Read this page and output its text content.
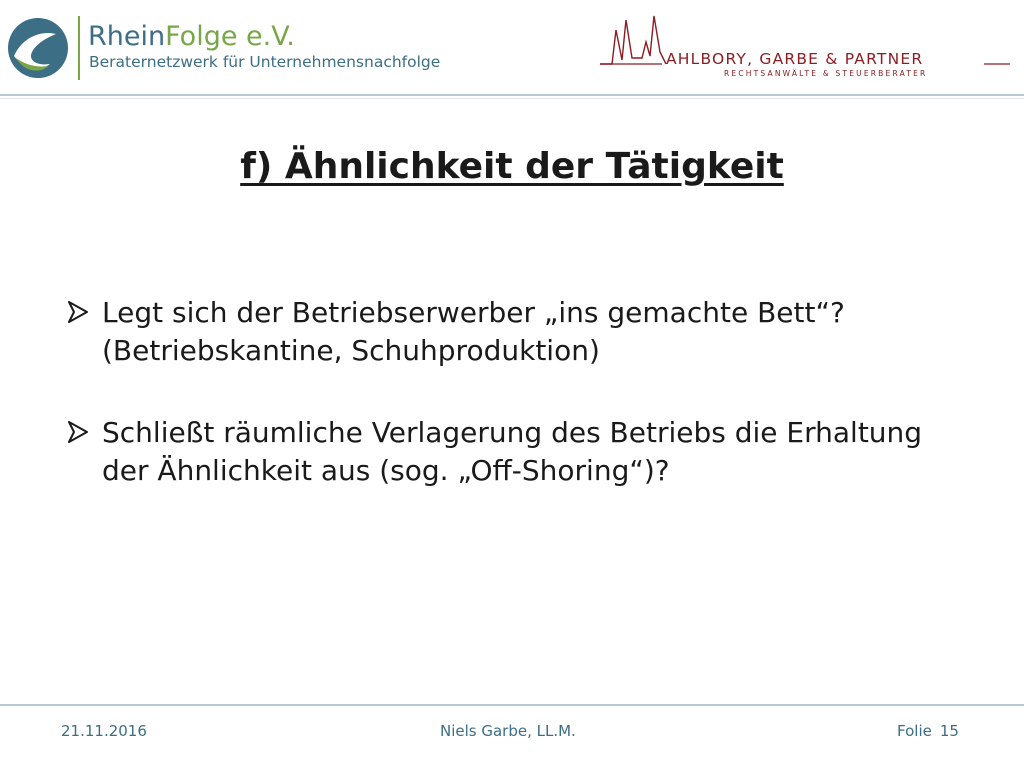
RheinFolge e.V.
Beraternetzwerk für Unternehmensnachfolge	AHLBORY, GARBE & PARTNER
RECHTSANWÄLTE & STEUERBERATER
f) Ähnlichkeit der Tätigkeit
Legt sich der Betriebserwerber „ins gemachte Bett“? (Betriebskantine, Schuhproduktion)
Schließt räumliche Verlagerung des Betriebs die Erhaltung der Ähnlichkeit aus (sog. „Off-Shoring“)?
21.11.2016	Niels Garbe, LL.M.	Folie 15
